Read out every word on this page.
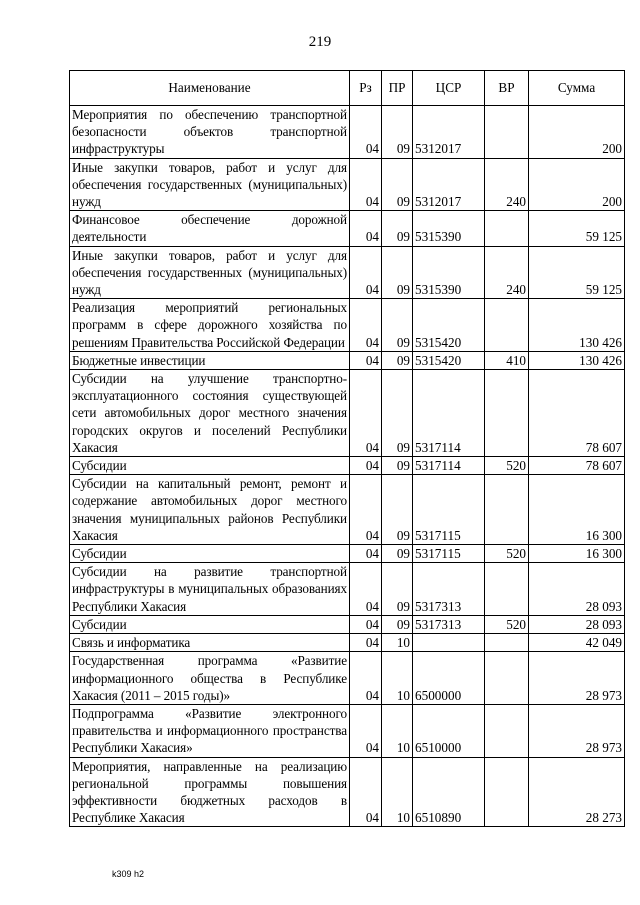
219
Наименование	Рз	ПР	ЦСР	ВР	Сумма
Мероприятия по обеспечению транспортной безопасности объектов транспортной инфраструктуры	04	09	5312017		200
Иные закупки товаров, работ и услуг для обеспечения государственных (муниципальных) нужд	04	09	5312017	240	200
Финансовое обеспечение дорожной деятельности	04	09	5315390		59 125
Иные закупки товаров, работ и услуг для обеспечения государственных (муниципальных) нужд	04	09	5315390	240	59 125
Реализация мероприятий региональных программ в сфере дорожного хозяйства по решениям Правительства Российской Федерации	04	09	5315420		130 426
Бюджетные инвестиции	04	09	5315420	410	130 426
Субсидии на улучшение транспортно-эксплуатационного состояния существующей сети автомобильных дорог местного значения городских округов и поселений Республики Хакасия	04	09	5317114		78 607
Субсидии	04	09	5317114	520	78 607
Субсидии на капитальный ремонт, ремонт и содержание автомобильных дорог местного значения муниципальных районов Республики Хакасия	04	09	5317115		16 300
Субсидии	04	09	5317115	520	16 300
Субсидии на развитие транспортной инфраструктуры в муниципальных образованиях Республики Хакасия	04	09	5317313		28 093
Субсидии	04	09	5317313	520	28 093
Связь и информатика	04	10			42 049
Государственная программа «Развитие информационного общества в Республике Хакасия (2011 – 2015 годы)»	04	10	6500000		28 973
Подпрограмма «Развитие электронного правительства и информационного пространства Республики Хакасия»	04	10	6510000		28 973
Мероприятия, направленные на реализацию региональной программы повышения эффективности бюджетных расходов в Республике Хакасия	04	10	6510890		28 273
k309 h2
